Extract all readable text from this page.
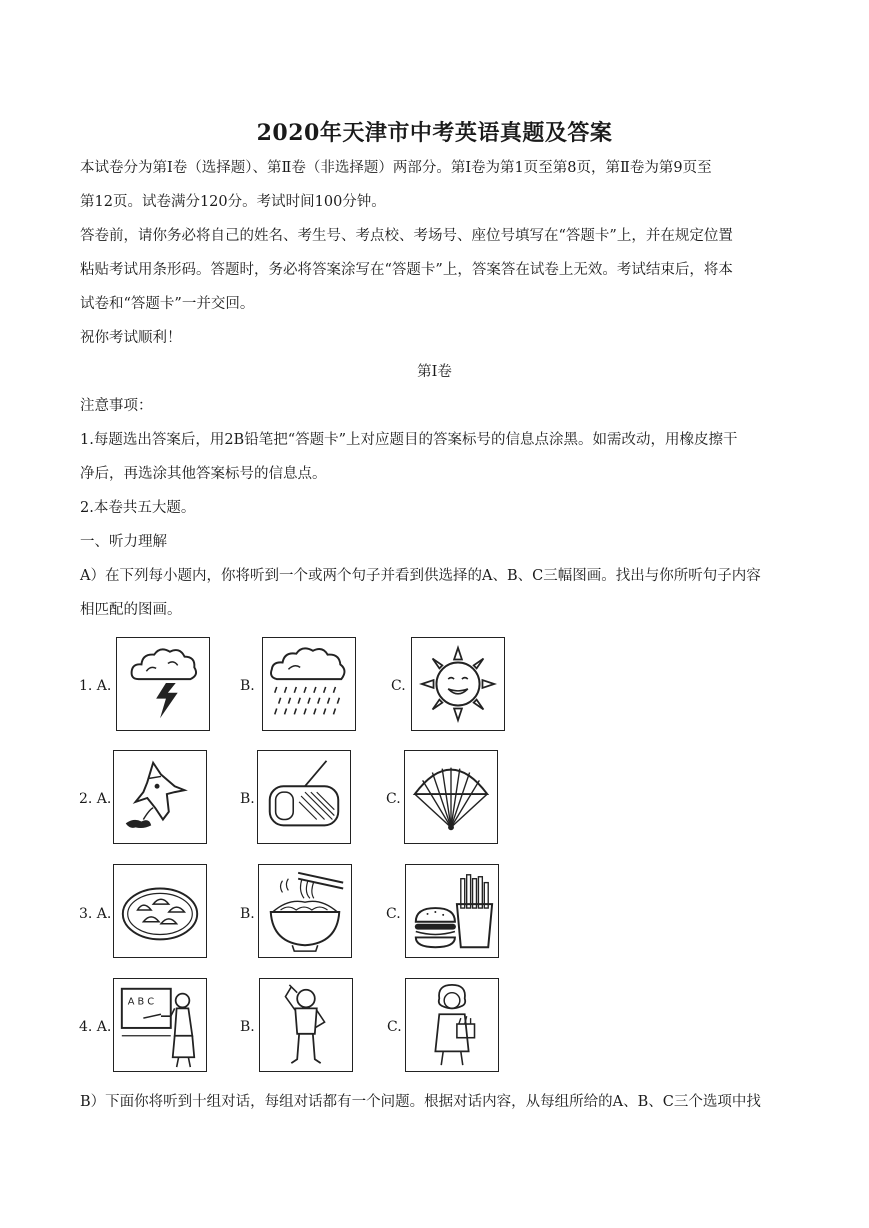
2020年天津市中考英语真题及答案
本试卷分为第Ⅰ卷（选择题）、第Ⅱ卷（非选择题）两部分。第Ⅰ卷为第1页至第8页，第Ⅱ卷为第9页至
第12页。试卷满分120分。考试时间100分钟。
答卷前，请你务必将自己的姓名、考生号、考点校、考场号、座位号填写在“答题卡”上，并在规定位置
粘贴考试用条形码。答题时，务必将答案涂写在“答题卡”上，答案答在试卷上无效。考试结束后，将本
试卷和“答题卡”一并交回。
祝你考试顺利！
第Ⅰ卷
注意事项：
1.每题选出答案后，用2B铅笔把“答题卡”上对应题目的答案标号的信息点涂黑。如需改动，用橡皮擦干
净后，再选涂其他答案标号的信息点。
2.本卷共五大题。
一、听力理解
A）在下列每小题内，你将听到一个或两个句子并看到供选择的A、B、C三幅图画。找出与你所听句子内容
相匹配的图画。
1. A.	B.	C.
2. A.	B.	C.
3. A.	B.	C.
4. A.
A B C
B.	C.
B）下面你将听到十组对话，每组对话都有一个问题。根据对话内容，从每组所给的A、B、C三个选项中找
